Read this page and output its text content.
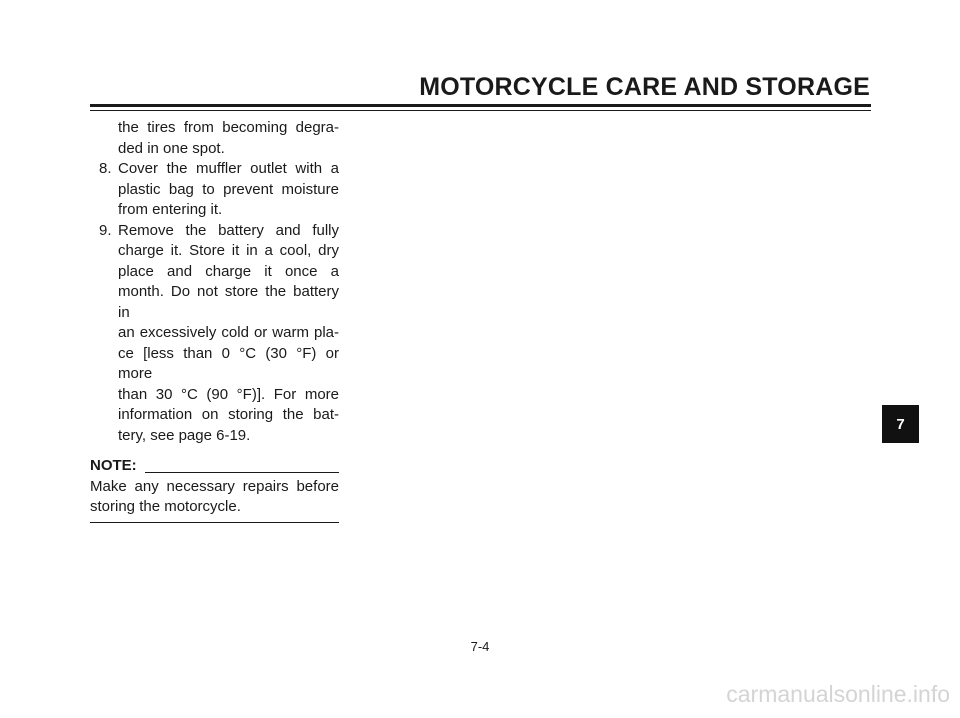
MOTORCYCLE CARE AND STORAGE
the tires from becoming degra-
ded in one spot.
8. Cover the muffler outlet with a
plastic bag to prevent moisture
from entering it.
9. Remove the battery and fully
charge it. Store it in a cool, dry
place and charge it once a
month. Do not store the battery in
an excessively cold or warm pla-
ce [less than 0 °C (30 °F) or more
than 30 °C (90 °F)]. For more
information on storing the bat-
tery, see page 6-19.
NOTE:
Make any necessary repairs before
storing the motorcycle.
7
7-4
carmanualsonline.info
